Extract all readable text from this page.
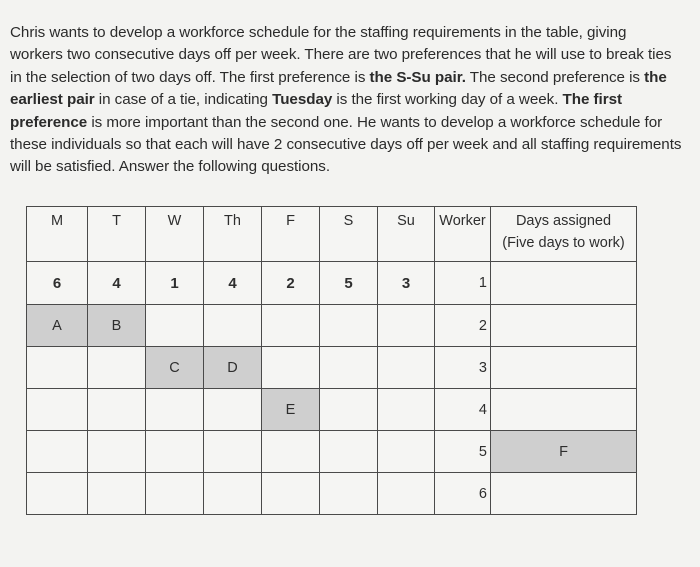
Chris wants to develop a workforce schedule for the staffing requirements in the table, giving
workers two consecutive days off per week. There are two preferences that he will use to break ties
in the selection of two days off. The first preference is the S-Su pair. The second preference is the
earliest pair in case of a tie, indicating Tuesday is the first working day of a week. The first
preference is more important than the second one. He wants to develop a workforce schedule for
these individuals so that each will have 2 consecutive days off per week and all staffing requirements
will be satisfied. Answer the following questions.
M	T	W	Th	F	S	Su	Worker	Days assigned
(Five days to work)
6	4	1	4	2	5	3	1	
A	B						2	
		C	D				3	
				E			4	
							5	F
							6	
